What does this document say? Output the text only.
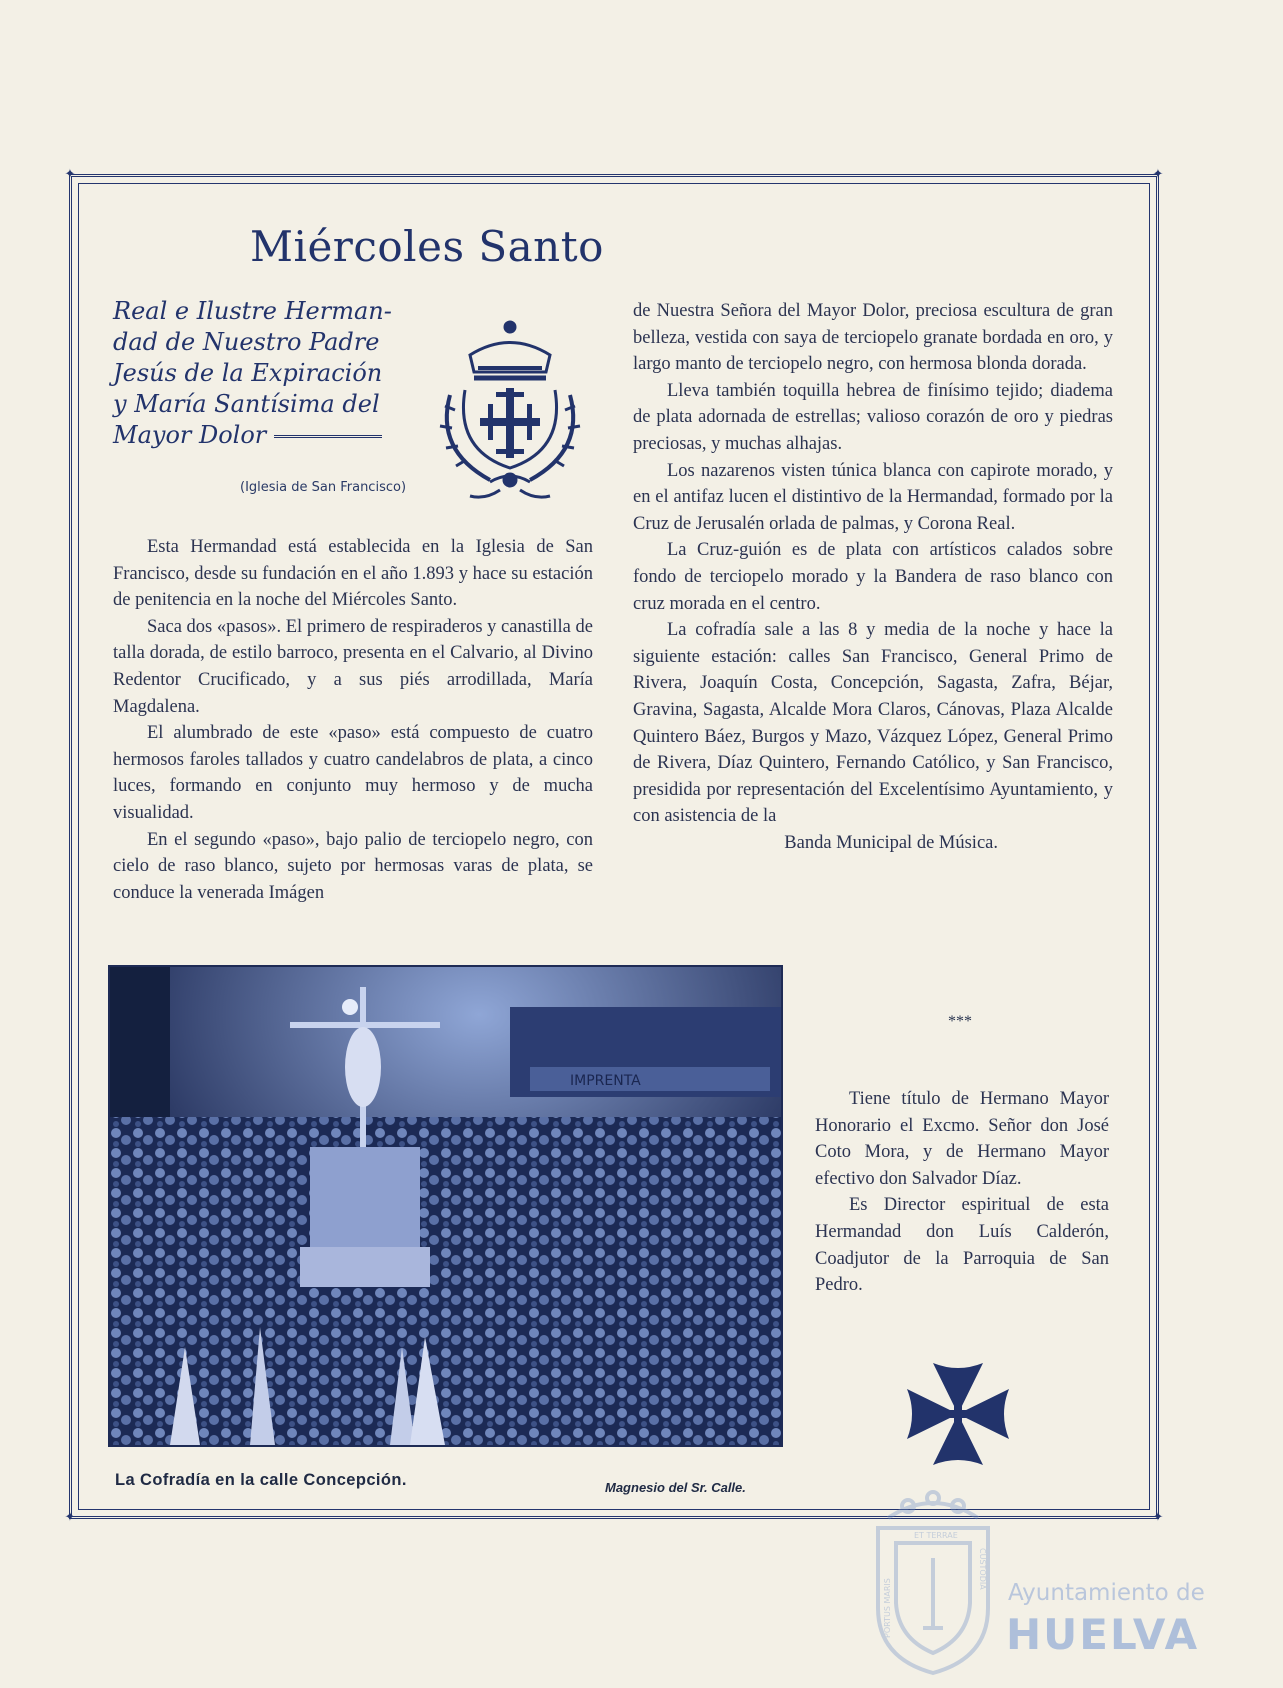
✦	✦
✦	✦
Miércoles Santo
Real e Ilustre Herman-
dad de Nuestro Padre
Jesús de la Expiración
y María Santísima del
Mayor Dolor
(Iglesia de San Francisco)

Esta Hermandad está establecida en la Iglesia de San Francisco, desde su fundación en el año 1.893 y hace su estación de penitencia en la noche del Miércoles Santo.

Saca dos «pasos». El primero de respiraderos y canastilla de talla dorada, de estilo barroco, presenta en el Calvario, al Divino Redentor Crucificado, y a sus piés arrodillada, María Magdalena.

El alumbrado de este «paso» está compuesto de cuatro hermosos faroles tallados y cuatro candelabros de plata, a cinco luces, formando en conjunto muy hermoso y de mucha visualidad.

En el segundo «paso», bajo palio de terciopelo negro, con cielo de raso blanco, sujeto por hermosas varas de plata, se conduce la venerada Imágen

de Nuestra Señora del Mayor Dolor, preciosa escultura de gran belleza, vestida con saya de terciopelo granate bordada en oro, y largo manto de terciopelo negro, con hermosa blonda dorada.

Lleva también toquilla hebrea de finísimo tejido; diadema de plata adornada de estrellas; valioso corazón de oro y piedras preciosas, y muchas alhajas.

Los nazarenos visten túnica blanca con capirote morado, y en el antifaz lucen el distintivo de la Hermandad, formado por la Cruz de Jerusalén orlada de palmas, y Corona Real.

La Cruz-guión es de plata con artísticos calados sobre fondo de terciopelo morado y la Bandera de raso blanco con cruz morada en el centro.

La cofradía sale a las 8 y media de la noche y hace la siguiente estación: calles San Francisco, General Primo de Rivera, Joaquín Costa, Concepción, Sagasta, Zafra, Béjar, Gravina, Sagasta, Alcalde Mora Claros, Cánovas, Plaza Alcalde Quintero Báez, Burgos y Mazo, Vázquez López, General Primo de Rivera, Díaz Quintero, Fernando Católico, y San Francisco, presidida por representación del Excelentísimo Ayuntamiento, y con asistencia de la

Banda Municipal de Música.

***

Tiene título de Hermano Mayor Honorario el Excmo. Señor don José Coto Mora, y de Hermano Mayor efectivo don Salvador Díaz.

Es Director espiritual de esta Hermandad don Luís Calderón, Coadjutor de la Parroquia de San Pedro.

IMPRENTA
La Cofradía en la calle Concepción.	Magnesio del Sr. Calle.
ET TERRAE
PORTUS MARIS
CUSTODIA
Ayuntamiento de
HUELVA
